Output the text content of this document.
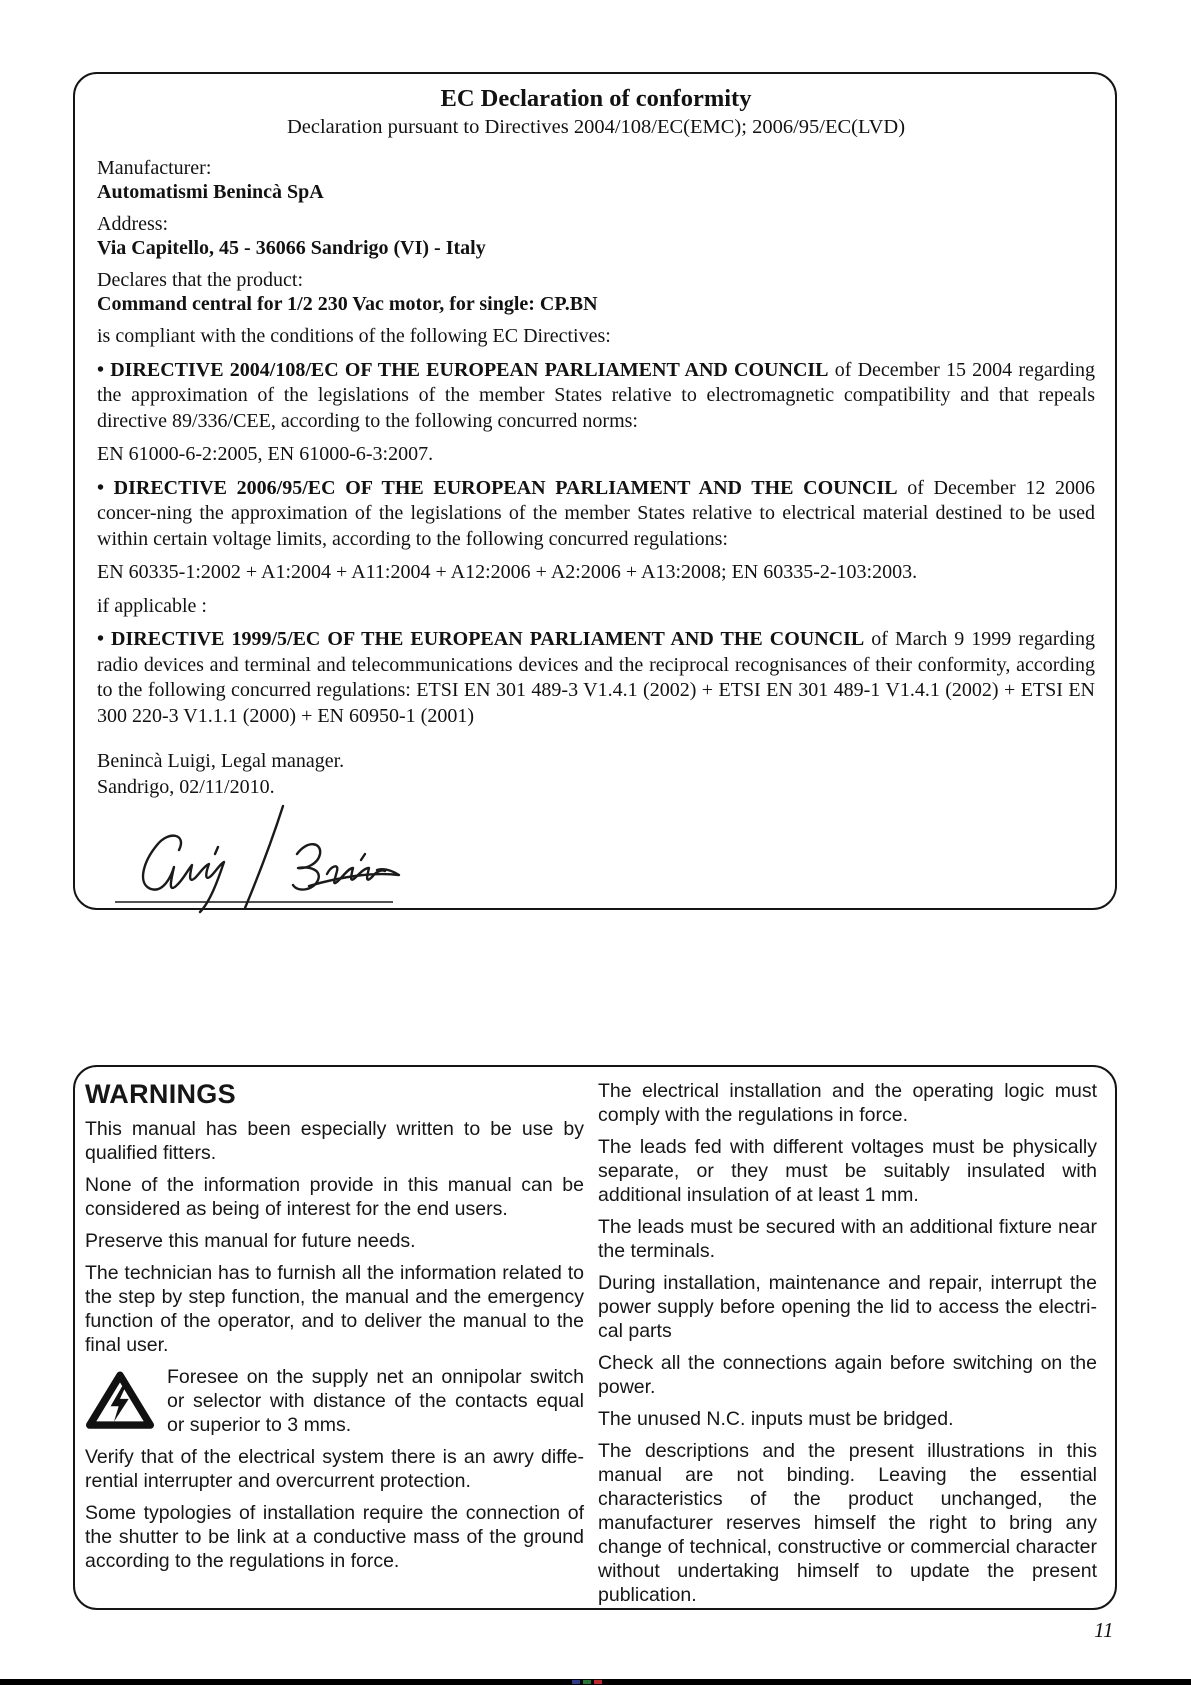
EC Declaration of conformity
Declaration pursuant to Directives 2004/108/EC(EMC); 2006/95/EC(LVD)
Manufacturer:
Automatismi Benincà SpA
Address:
Via Capitello, 45 - 36066 Sandrigo (VI) - Italy
Declares that the product:
Command central for 1/2 230 Vac motor, for single: CP.BN
is compliant with the conditions of the following EC Directives:
• DIRECTIVE 2004/108/EC OF THE EUROPEAN PARLIAMENT AND COUNCIL of December 15 2004 regarding the approximation of the legislations of the member States relative to electromagnetic compatibility and that repeals directive 89/336/CEE, according to the following concurred norms:
EN 61000-6-2:2005, EN 61000-6-3:2007.
• DIRECTIVE 2006/95/EC OF THE EUROPEAN PARLIAMENT AND THE COUNCIL of December 12 2006 concer-ning the approximation of the legislations of the member States relative to electrical material destined to be used within certain voltage limits, according to the following concurred regulations:
EN 60335-1:2002 + A1:2004 + A11:2004 + A12:2006 + A2:2006 + A13:2008; EN 60335-2-103:2003.
if applicable :
• DIRECTIVE 1999/5/EC OF THE EUROPEAN PARLIAMENT AND THE COUNCIL of March 9 1999 regarding radio devices and terminal and telecommunications devices and the reciprocal recognisances of their conformity, according to the following concurred regulations: ETSI EN 301 489-3 V1.4.1 (2002) + ETSI EN 301 489-1 V1.4.1 (2002) + ETSI EN 300 220-3 V1.1.1 (2000) + EN 60950-1 (2001)
Benincà Luigi, Legal manager.
Sandrigo, 02/11/2010.
WARNINGS
This manual has been especially written to be use by qualified fitters.
None of the information provide in this manual can be considered as being of interest for the end users.
Preserve this manual for future needs.
The technician has to furnish all the information related to the step by step function, the manual and the emergency function of the operator, and to deliver the manual to the final user.
Foresee on the supply net an onnipolar switch or selector with distance of the contacts equal or superior to 3 mms.
Verify that of the electrical system there is an awry diffe-rential interrupter and overcurrent protection.
Some typologies of installation require the connection of the shutter to be link at a conductive mass of the ground according to the regulations in force.
The electrical installation and the operating logic must comply with the regulations in force.
The leads fed with different voltages must be physically separate, or they must be suitably insulated with additional insulation of at least 1 mm.
The leads must be secured with an additional fixture near the terminals.
During installation, maintenance and repair, interrupt the power supply before opening the lid to access the electri-cal parts
Check all the connections again before switching on the power.
The unused N.C. inputs must be bridged.
The descriptions and the present illustrations in this manual are not binding. Leaving the essential characteristics of the product unchanged, the manufacturer reserves himself the right to bring any change of technical, constructive or commercial character without undertaking himself to update the present publication.
11
